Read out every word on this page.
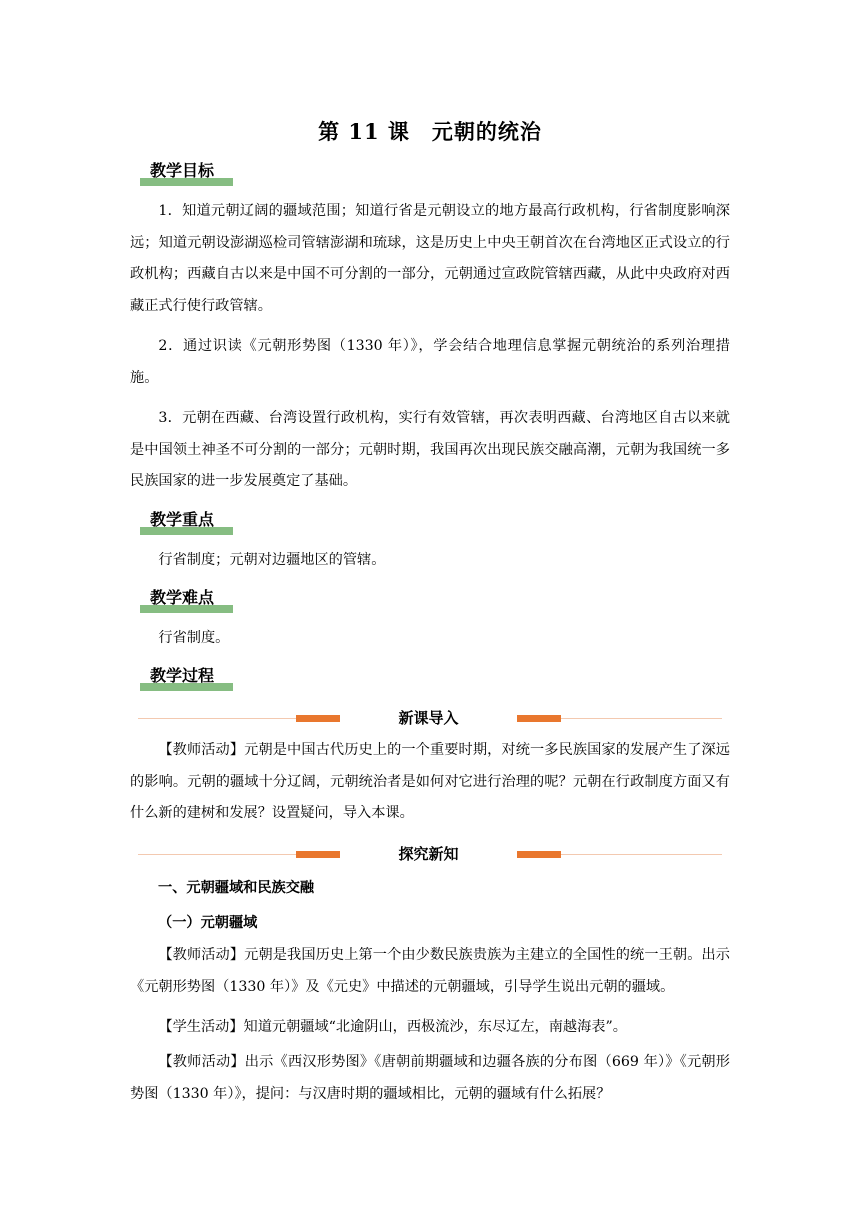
第 11 课　元朝的统治
教学目标
1．知道元朝辽阔的疆域范围；知道行省是元朝设立的地方最高行政机构，行省制度影响深远；知道元朝设澎湖巡检司管辖澎湖和琉球，这是历史上中央王朝首次在台湾地区正式设立的行政机构；西藏自古以来是中国不可分割的一部分，元朝通过宣政院管辖西藏，从此中央政府对西藏正式行使行政管辖。
2．通过识读《元朝形势图（1330 年）》，学会结合地理信息掌握元朝统治的系列治理措施。
3．元朝在西藏、台湾设置行政机构，实行有效管辖，再次表明西藏、台湾地区自古以来就是中国领土神圣不可分割的一部分；元朝时期，我国再次出现民族交融高潮，元朝为我国统一多民族国家的进一步发展奠定了基础。
教学重点
行省制度；元朝对边疆地区的管辖。
教学难点
行省制度。
教学过程
新课导入
【教师活动】元朝是中国古代历史上的一个重要时期，对统一多民族国家的发展产生了深远的影响。元朝的疆域十分辽阔，元朝统治者是如何对它进行治理的呢？元朝在行政制度方面又有什么新的建树和发展？设置疑问，导入本课。
探究新知
一、元朝疆域和民族交融
（一）元朝疆域
【教师活动】元朝是我国历史上第一个由少数民族贵族为主建立的全国性的统一王朝。出示《元朝形势图（1330 年）》及《元史》中描述的元朝疆域，引导学生说出元朝的疆域。
【学生活动】知道元朝疆域“北逾阴山，西极流沙，东尽辽左，南越海表”。
【教师活动】出示《西汉形势图》《唐朝前期疆域和边疆各族的分布图（669 年）》《元朝形势图（1330 年）》，提问：与汉唐时期的疆域相比，元朝的疆域有什么拓展？
